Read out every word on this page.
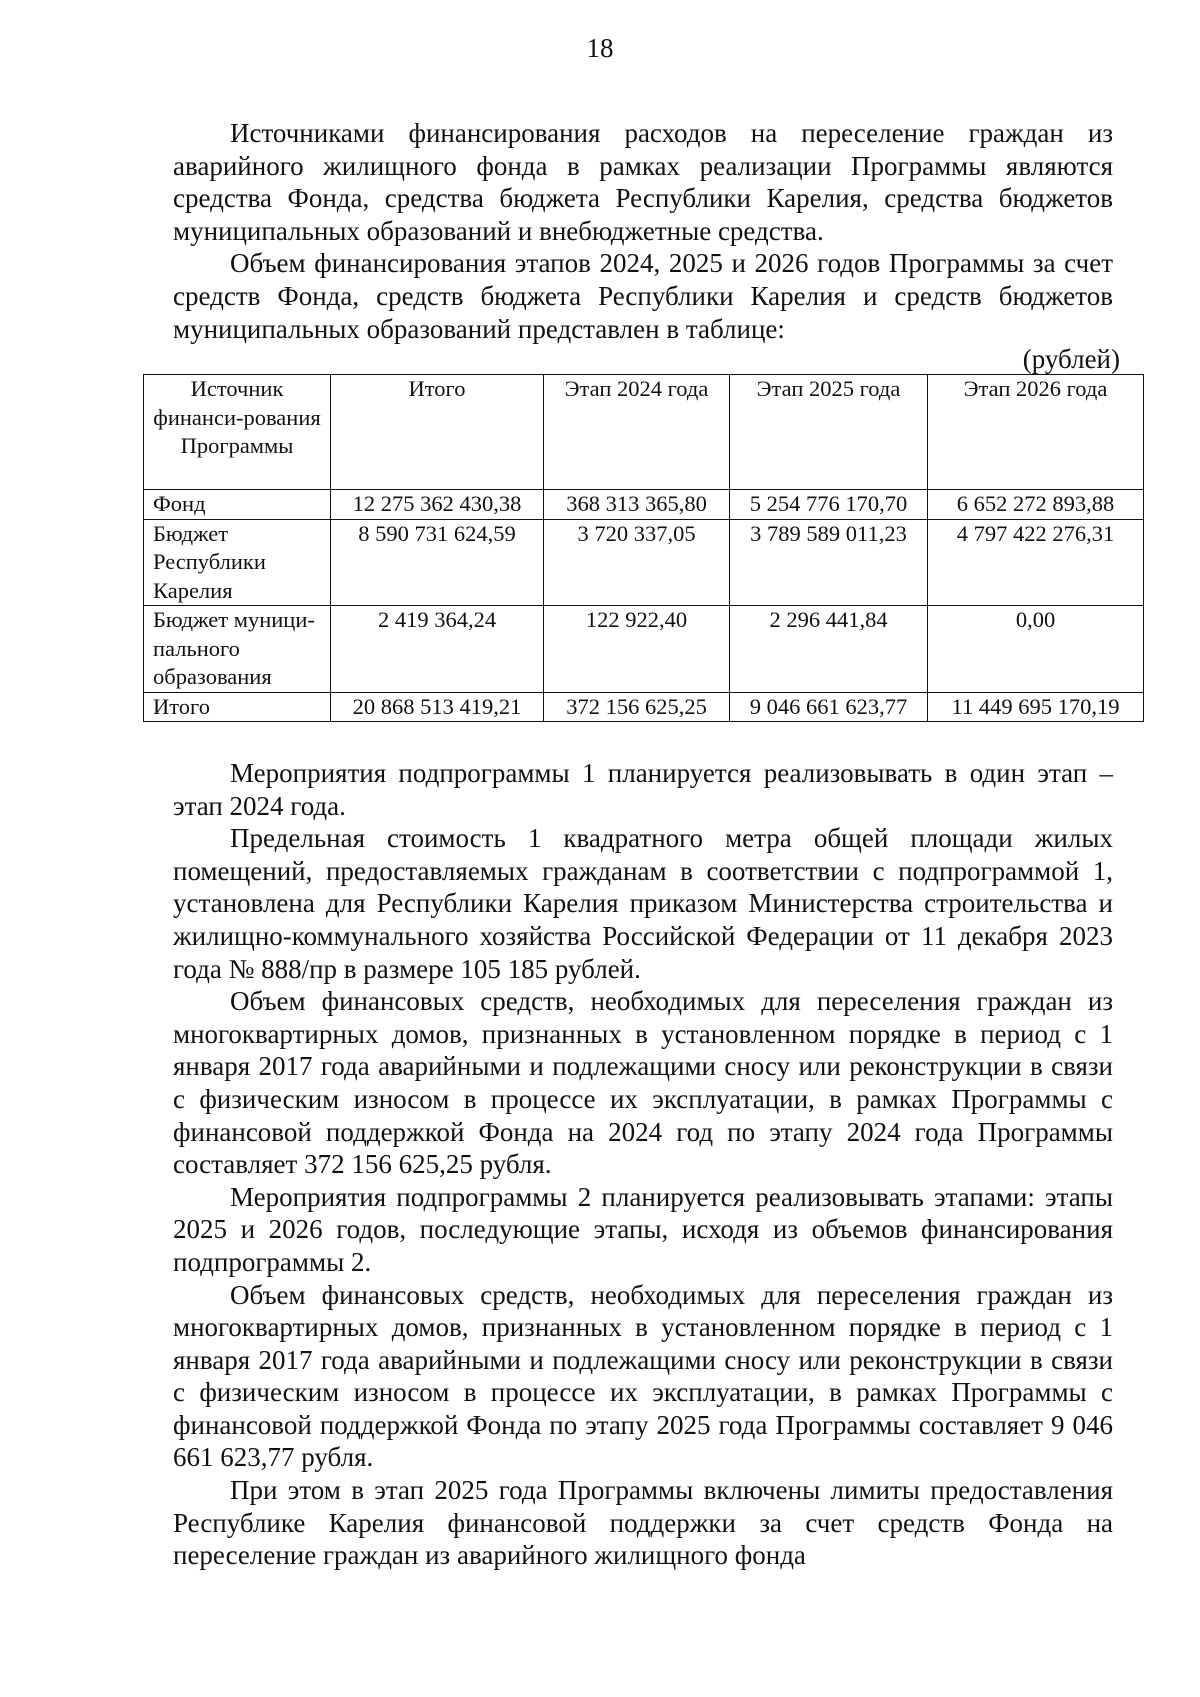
18

Источниками финансирования расходов на переселение граждан из аварийного жилищного фонда в рамках реализации Программы являются средства Фонда, средства бюджета Республики Карелия, средства бюджетов муниципальных образований и внебюджетные средства.

Объем финансирования этапов 2024, 2025 и 2026 годов Программы за счет средств Фонда, средств бюджета Республики Карелия и средств бюджетов муниципальных образований представлен в таблице:

(рублей)
Источник финанси-рования Программы	Итого	Этап 2024 года	Этап 2025 года	Этап 2026 года
Фонд	12 275 362 430,38	368 313 365,80	5 254 776 170,70	6 652 272 893,88
Бюджет Республики Карелия	8 590 731 624,59	3 720 337,05	3 789 589 011,23	4 797 422 276,31
Бюджет муници-пального образования	2 419 364,24	122 922,40	2 296 441,84	0,00
Итого	20 868 513 419,21	372 156 625,25	9 046 661 623,77	11 449 695 170,19

Мероприятия подпрограммы 1 планируется реализовывать в один этап – этап 2024 года.

Предельная стоимость 1 квадратного метра общей площади жилых помещений, предоставляемых гражданам в соответствии с подпрограммой 1, установлена для Республики Карелия приказом Министерства строительства и жилищно-коммунального хозяйства Российской Федерации от 11 декабря 2023 года № 888/пр в размере 105 185 рублей.

Объем финансовых средств, необходимых для переселения граждан из многоквартирных домов, признанных в установленном порядке в период с 1 января 2017 года аварийными и подлежащими сносу или реконструкции в связи с физическим износом в процессе их эксплуатации, в рамках Программы с финансовой поддержкой Фонда на 2024 год по этапу 2024 года Программы составляет 372 156 625,25 рубля.

Мероприятия подпрограммы 2 планируется реализовывать этапами: этапы 2025 и 2026 годов, последующие этапы, исходя из объемов финансирования подпрограммы 2.

Объем финансовых средств, необходимых для переселения граждан из многоквартирных домов, признанных в установленном порядке в период с 1 января 2017 года аварийными и подлежащими сносу или реконструкции в связи с физическим износом в процессе их эксплуатации, в рамках Программы с финансовой поддержкой Фонда по этапу 2025 года Программы составляет 9 046 661 623,77 рубля.

При этом в этап 2025 года Программы включены лимиты предоставления Республике Карелия финансовой поддержки за счет средств Фонда на переселение граждан из аварийного жилищного фонда
